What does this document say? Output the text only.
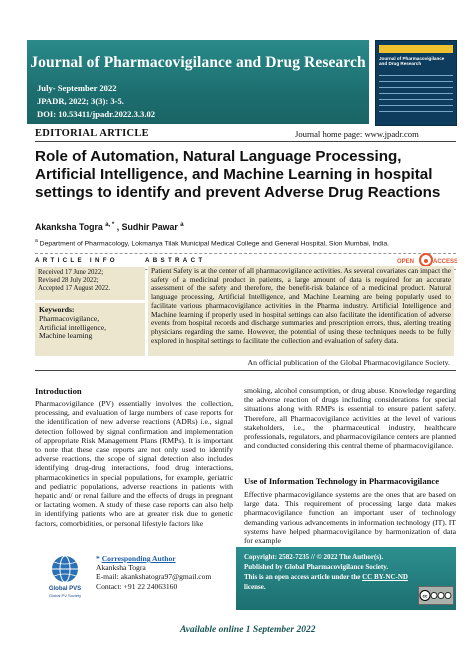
Journal of Pharmacovigilance and Drug Research
July- September 2022
JPADR, 2022; 3(3): 3-5.
DOI: 10.53411/jpadr.2022.3.3.02
Journal of Pharmacovigilance and Drug Research
EDITORIAL ARTICLE	Journal home page: www.jpadr.com
Role of Automation, Natural Language Processing, Artificial Intelligence, and Machine Learning in hospital settings to identify and prevent Adverse Drug Reactions
Akanksha Togra $^{a, *}$ , Sudhir Pawar $^a$
$^a$ Department of Pharmacology, Lokmanya Tilak Municipal Medical College and General Hospital, Sion Mumbai, India.
ARTICLE INFO	ABSTRACT	OPEN	ACCESS
Received 17 June 2022;
Revised 28 July 2022;
Accepted 17 August 2022.
Keywords:
Pharmacovigilance,
Artificial intelligence,
Machine learning
Patient Safety is at the center of all pharmacovigilance activities. As several covariates can impact the safety of a medicinal product in patients, a large amount of data is required for an accurate assessment of the safety and therefore, the benefit-risk balance of a medicinal product. Natural language processing, Artificial Intelligence, and Machine Learning are being popularly used to facilitate various pharmacovigilance activities in the Pharma industry. Artificial Intelligence and Machine learning if properly used in hospital settings can also facilitate the identification of adverse events from hospital records and discharge summaries and prescription errors, thus, alerting treating physicians regarding the same. However, the potential of using these techniques needs to be fully explored in hospital settings to facilitate the collection and evaluation of safety data.
An official publication of the Global Pharmacovigilance Society.
Introduction
Pharmacovigilance (PV) essentially involves the collection, processing, and evaluation of large numbers of case reports for the identification of new adverse reactions (ADRs) i.e., signal detection followed by signal confirmation and implementation of appropriate Risk Management Plans (RMPs). It is important to note that these case reports are not only used to identify adverse reactions, the scope of signal detection also includes identifying drug-drug interactions, food drug interactions, pharmacokinetics in special populations, for example, geriatric and pediatric populations, adverse reactions in patients with hepatic and/ or renal failure and the effects of drugs in pregnant or lactating women. A study of these case reports can also help in identifying patients who are at greater risk due to genetic factors, comorbidities, or personal lifestyle factors like
smoking, alcohol consumption, or drug abuse. Knowledge regarding the adverse reaction of drugs including considerations for special situations along with RMPs is essential to ensure patient safety. Therefore, all Pharmacovigilance activities at the level of various stakeholders, i.e., the pharmaceutical industry, healthcare professionals, regulators, and pharmacovigilance centers are planned and conducted considering this central theme of pharmacovigilance.
Use of Information Technology in Pharmacovigilance
Effective pharmacovigilance systems are the ones that are based on large data. This requirement of processing large data makes pharmacovigilance function an important user of technology demanding various advancements in information technology (IT). IT systems have helped pharmacovigilance by harmonization of data for example
Global PVS
Global PV Society
* Corresponding Author
Akanksha Togra
E-mail: akankshatogra97@gmail.com
Contact: +91 22 24063160
Copyright: 2582-7235 // © 2022 The Author(s).
Published by Global Pharmacovigilance Society.
This is an open access article under the CC BY-NC-ND license.
cc
Available online 1 September 2022
